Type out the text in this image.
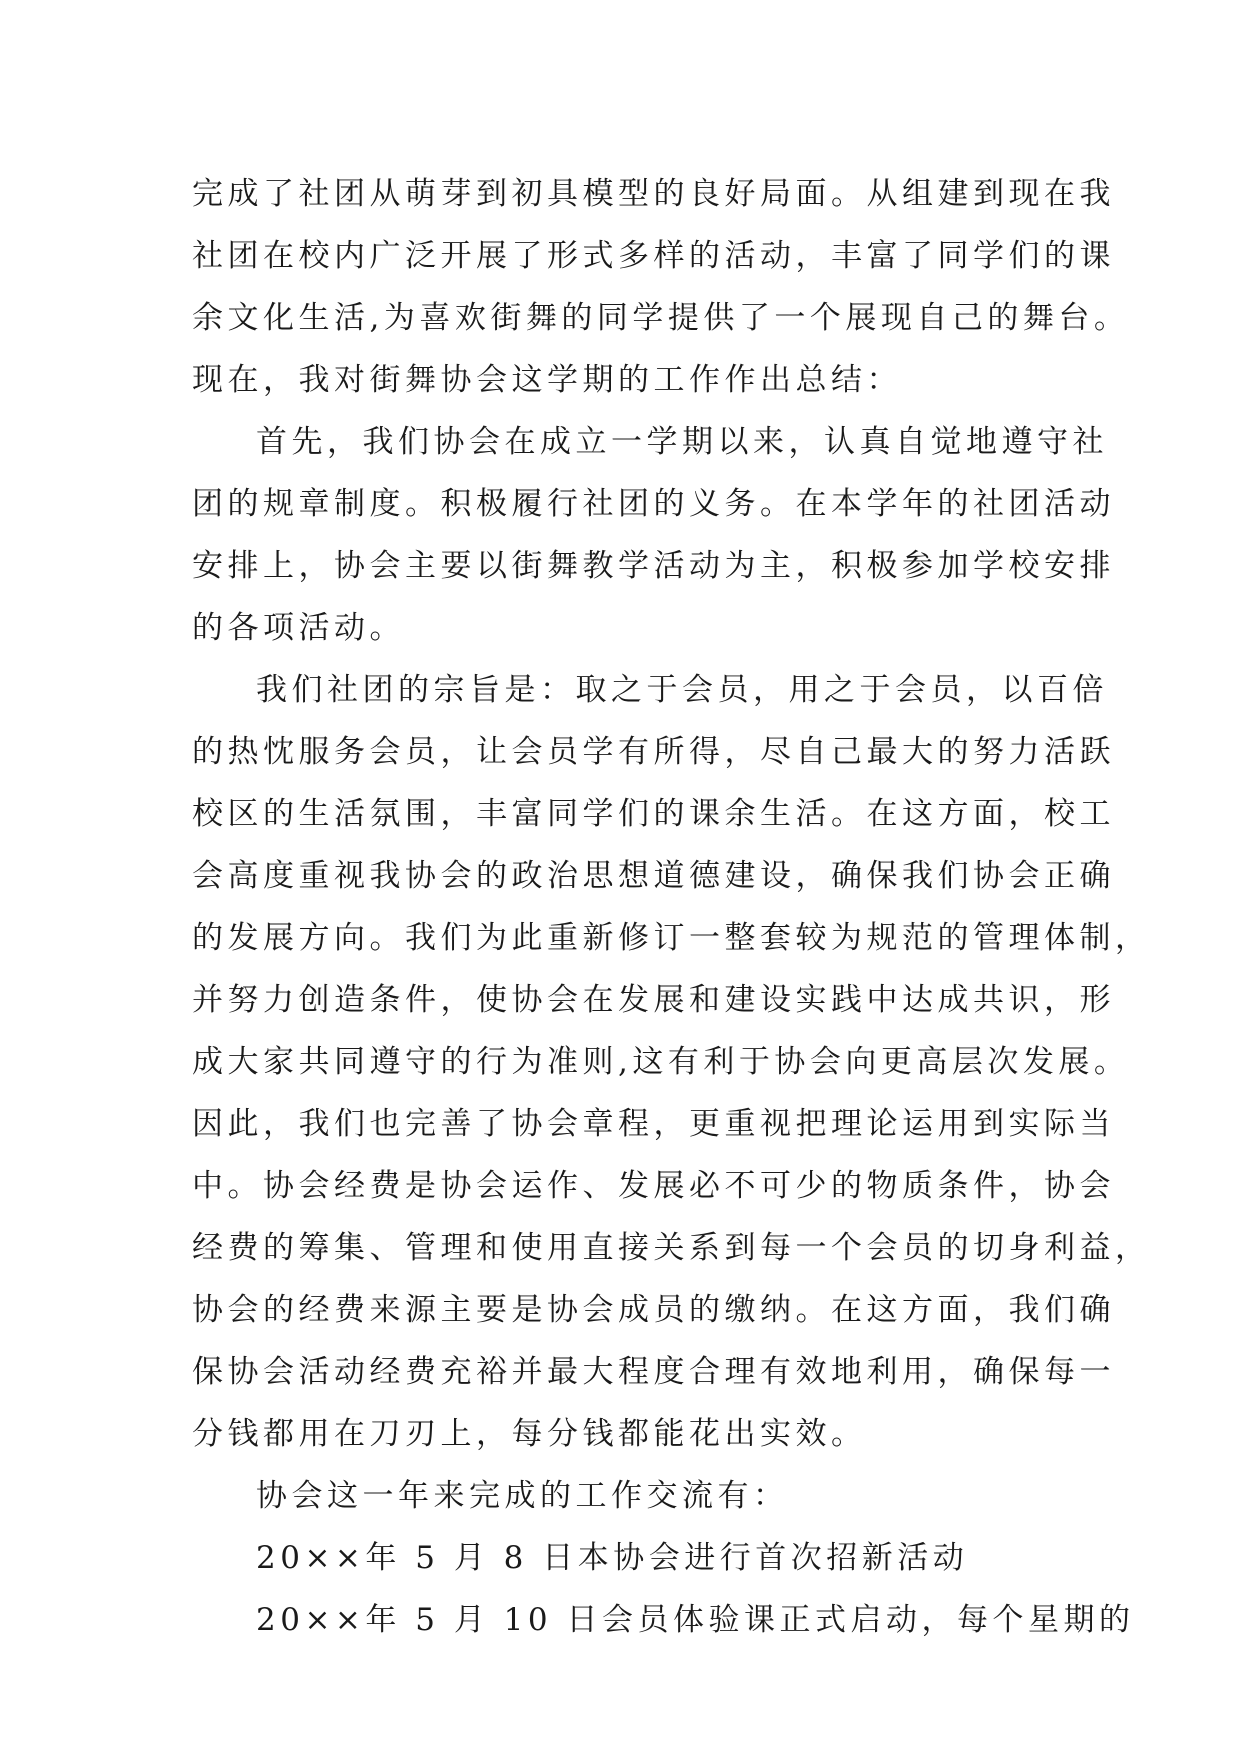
完成了社团从萌芽到初具模型的良好局面。从组建到现在我
社团在校内广泛开展了形式多样的活动，丰富了同学们的课
余文化生活,为喜欢街舞的同学提供了一个展现自己的舞台。
现在，我对街舞协会这学期的工作作出总结：
首先，我们协会在成立一学期以来，认真自觉地遵守社
团的规章制度。积极履行社团的义务。在本学年的社团活动
安排上，协会主要以街舞教学活动为主，积极参加学校安排
的各项活动。
我们社团的宗旨是：取之于会员，用之于会员，以百倍
的热忱服务会员，让会员学有所得，尽自己最大的努力活跃
校区的生活氛围，丰富同学们的课余生活。在这方面，校工
会高度重视我协会的政治思想道德建设，确保我们协会正确
的发展方向。我们为此重新修订一整套较为规范的管理体制，
并努力创造条件，使协会在发展和建设实践中达成共识，形
成大家共同遵守的行为准则,这有利于协会向更高层次发展。
因此，我们也完善了协会章程，更重视把理论运用到实际当
中。协会经费是协会运作、发展必不可少的物质条件，协会
经费的筹集、管理和使用直接关系到每一个会员的切身利益，
协会的经费来源主要是协会成员的缴纳。在这方面，我们确
保协会活动经费充裕并最大程度合理有效地利用，确保每一
分钱都用在刀刃上，每分钱都能花出实效。
协会这一年来完成的工作交流有：
20××年 5 月 8 日本协会进行首次招新活动
20××年 5 月 10 日会员体验课正式启动，每个星期的
